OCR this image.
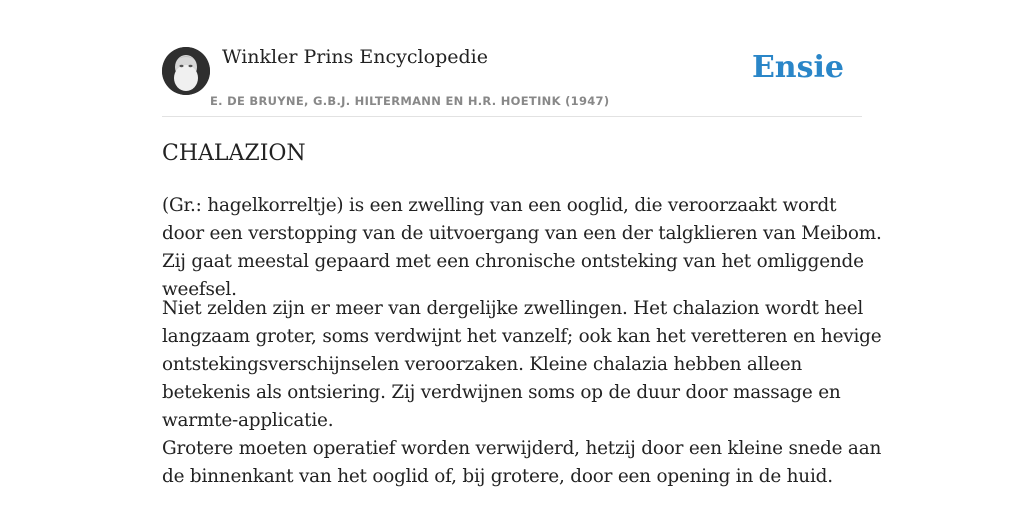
Winkler Prins Encyclopedie
E. DE BRUYNE, G.B.J. HILTERMANN EN H.R. HOETINK (1947)
Ensie
CHALAZION

(Gr.: hagelkorreltje) is een zwelling van een ooglid, die veroorzaakt wordt door een verstopping van de uitvoergang van een der talgklieren van Meibom. Zij gaat meestal gepaard met een chronische ontsteking van het omliggende weefsel.

Niet zelden zijn er meer van dergelijke zwellingen. Het chalazion wordt heel langzaam groter, soms verdwijnt het vanzelf; ook kan het veretteren en hevige ontstekingsverschijnselen veroorzaken. Kleine chalazia hebben alleen betekenis als ontsiering. Zij verdwijnen soms op de duur door massage en warmte-applicatie.

Grotere moeten operatief worden verwijderd, hetzij door een kleine snede aan de binnenkant van het ooglid of, bij grotere, door een opening in de huid.
